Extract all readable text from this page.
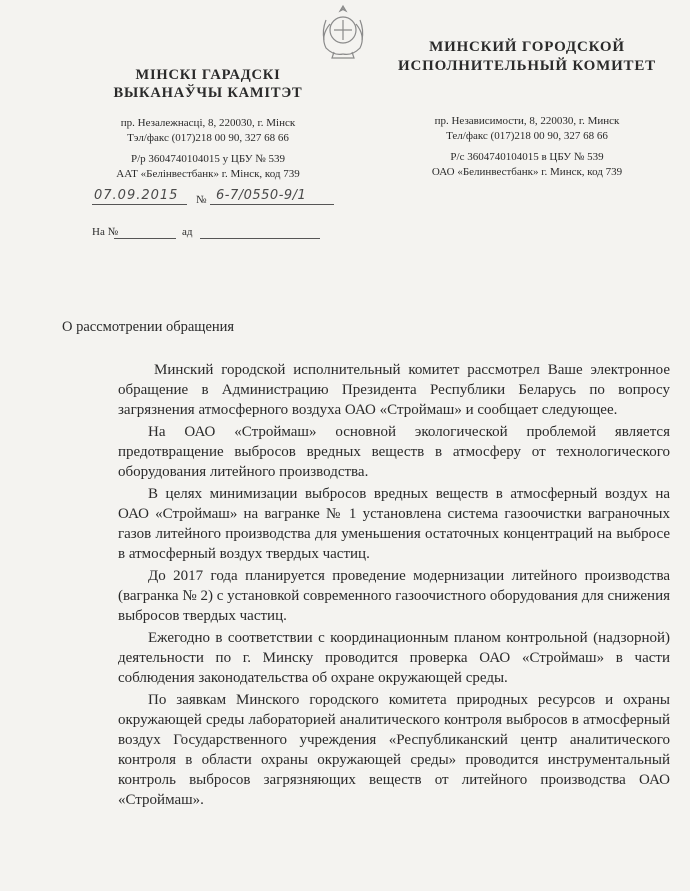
МІНСКІ ГАРАДСКІ
ВЫКАНАЎЧЫ КАМІТЭТ
пр. Незалежнасці, 8, 220030, г. Мінск
Тэл/факс (017)218 00 90, 327 68 66
Р/р 3604740104015 у ЦБУ № 539
ААТ «Белінвестбанк» г. Мінск, код 739
МИНСКИЙ ГОРОДСКОЙ
ИСПОЛНИТЕЛЬНЫЙ КОМИТЕТ
пр. Независимости, 8, 220030, г. Минск
Тел/факс (017)218 00 90, 327 68 66
Р/с 3604740104015 в ЦБУ № 539
ОАО «Белинвестбанк» г. Минск, код 739
07.09.2015 № 6-7/0550-9/1
На №	ад
О рассмотрении обращения

Минский городской исполнительный комитет рассмотрел Ваше электронное обращение в Администрацию Президента Республики Беларусь по вопросу загрязнения атмосферного воздуха ОАО «Строймаш» и сообщает следующее.

На ОАО «Строймаш» основной экологической проблемой является предотвращение выбросов вредных веществ в атмосферу от технологического оборудования литейного производства.

В целях минимизации выбросов вредных веществ в атмосферный воздух на ОАО «Строймаш» на вагранке № 1 установлена система газоочистки ваграночных газов литейного производства для уменьшения остаточных концентраций на выбросе в атмосферный воздух твердых частиц.

До 2017 года планируется проведение модернизации литейного производства (вагранка № 2) с установкой современного газоочистного оборудования для снижения выбросов твердых частиц.

Ежегодно в соответствии с координационным планом контрольной (надзорной) деятельности по г. Минску проводится проверка ОАО «Строймаш» в части соблюдения законодательства об охране окружающей среды.

По заявкам Минского городского комитета природных ресурсов и охраны окружающей среды лабораторией аналитического контроля выбросов в атмосферный воздух Государственного учреждения «Республиканский центр аналитического контроля в области охраны окружающей среды» проводится инструментальный контроль выбросов загрязняющих веществ от литейного производства ОАО «Строймаш».
